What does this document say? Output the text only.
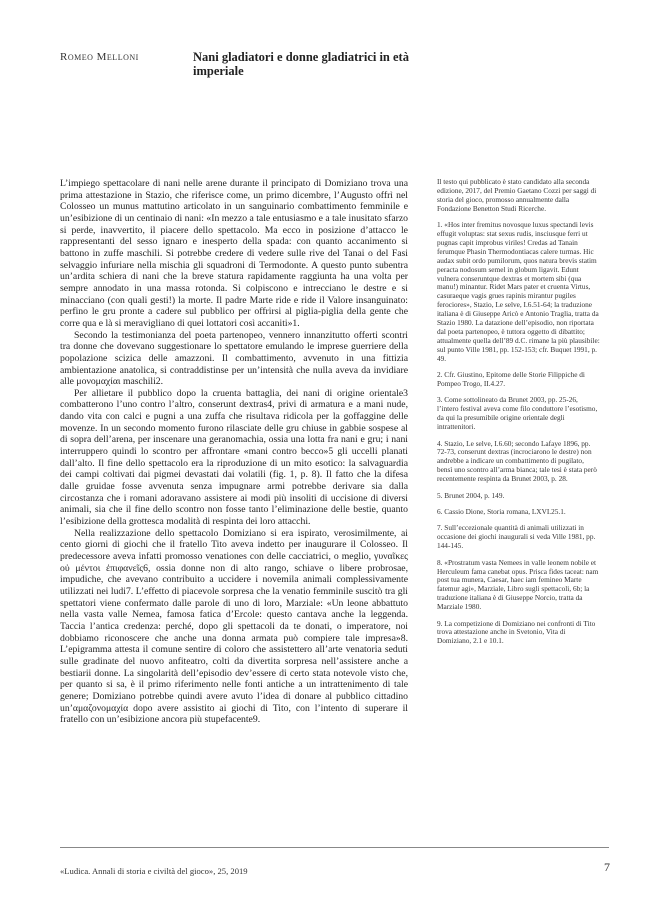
Romeo Melloni	Nani gladiatori e donne gladiatrici in età imperiale

L’impiego spettacolare di nani nelle arene durante il principato di Domiziano trova una prima attestazione in Stazio, che riferisce come, un primo dicembre, l’Augusto offrì nel Colosseo un munus mattutino articolato in un sanguinario combattimento femminile e un’esibizione di un centinaio di nani: «In mezzo a tale entusiasmo e a tale inusitato sfarzo si perde, inavvertito, il piacere dello spettacolo. Ma ecco in posizione d’attacco le rappresentanti del sesso ignaro e inesperto della spada: con quanto accanimento si battono in zuffe maschili. Si potrebbe credere di vedere sulle rive del Tanai o del Fasi selvaggio infuriare nella mischia gli squadroni di Termodonte. A questo punto subentra un’ardita schiera di nani che la breve statura rapidamente raggiunta ha una volta per sempre annodato in una massa rotonda. Si colpiscono e intrecciano le destre e si minacciano (con quali gesti!) la morte. Il padre Marte ride e ride il Valore insanguinato: perfino le gru pronte a cadere sul pubblico per offrirsi al piglia-piglia della gente che corre qua e là si meravigliano di quei lottatori così accaniti»1.

Secondo la testimonianza del poeta partenopeo, vennero innanzitutto offerti scontri tra donne che dovevano suggestionare lo spettatore emulando le imprese guerriere della popolazione scizica delle amazzoni. Il combattimento, avvenuto in una fittizia ambientazione anatolica, si contraddistinse per un’intensità che nulla aveva da invidiare alle μονομαχίαι maschili2.

Per allietare il pubblico dopo la cruenta battaglia, dei nani di origine orientale3 combatterono l’uno contro l’altro, conserunt dextras4, privi di armatura e a mani nude, dando vita con calci e pugni a una zuffa che risultava ridicola per la goffaggine delle movenze. In un secondo momento furono rilasciate delle gru chiuse in gabbie sospese al di sopra dell’arena, per inscenare una geranomachia, ossia una lotta fra nani e gru; i nani interruppero quindi lo scontro per affrontare «mani contro becco»5 gli uccelli planati dall’alto. Il fine dello spettacolo era la riproduzione di un mito esotico: la salvaguardia dei campi coltivati dai pigmei devastati dai volatili (fig. 1, p. 8). Il fatto che la difesa dalle gruidae fosse avvenuta senza impugnare armi potrebbe derivare sia dalla circostanza che i romani adoravano assistere ai modi più insoliti di uccisione di diversi animali, sia che il fine dello scontro non fosse tanto l’eliminazione delle bestie, quanto l’esibizione della grottesca modalità di respinta dei loro attacchi.

Nella realizzazione dello spettacolo Domiziano si era ispirato, verosimilmente, ai cento giorni di giochi che il fratello Tito aveva indetto per inaugurare il Colosseo. Il predecessore aveva infatti promosso venationes con delle cacciatrici, o meglio, γυναῖκες οὐ μέντοι ἐπιφανεῖς6, ossia donne non di alto rango, schiave o libere probrosae, impudiche, che avevano contribuito a uccidere i novemila animali complessivamente utilizzati nei ludi7. L’effetto di piacevole sorpresa che la venatio femminile suscitò tra gli spettatori viene confermato dalle parole di uno di loro, Marziale: «Un leone abbattuto nella vasta valle Nemea, famosa fatica d’Ercole: questo cantava anche la leggenda. Taccia l’antica credenza: perché, dopo gli spettacoli da te donati, o imperatore, noi dobbiamo riconoscere che anche una donna armata può compiere tale impresa»8. L’epigramma attesta il comune sentire di coloro che assistettero all’arte venatoria seduti sulle gradinate del nuovo anfiteatro, colti da divertita sorpresa nell’assistere anche a bestiarii donne. La singolarità dell’episodio dev’essere di certo stata notevole visto che, per quanto si sa, è il primo riferimento nelle fonti antiche a un intrattenimento di tale genere; Domiziano potrebbe quindi avere avuto l’idea di donare al pubblico cittadino un’αμαζονομαχία dopo avere assistito ai giochi di Tito, con l’intento di superare il fratello con un’esibizione ancora più stupefacente9.

Il testo qui pubblicato è stato candidato alla seconda edizione, 2017, del Premio Gaetano Cozzi per saggi di storia del gioco, promosso annualmente dalla Fondazione Benetton Studi Ricerche.

1. «Hos inter fremitus novosque luxus spectandi levis effugit voluptas: stat sexus rudis, insciusque ferri ut pugnas capit improbus viriles! Credas ad Tanain ferumque Phasin Thermodontiacas calere turmas. Hic audax subit ordo pumilorum, quos natura brevis statim peracta nodosum semel in globum ligavit. Edunt vulnera conseruntque dextras et mortem sibi (qua manu!) minantur. Ridet Mars pater et cruenta Virtus, casuraeque vagis grues rapinis mirantur pugiles ferociores», Stazio, Le selve, I.6.51-64; la traduzione italiana è di Giuseppe Aricò e Antonio Traglia, tratta da Stazio 1980. La datazione dell’episodio, non riportata dal poeta partenopeo, è tuttora oggetto di dibattito; attualmente quella dell’89 d.C. rimane la più plausibile: sul punto Ville 1981, pp. 152-153; cfr. Buquet 1991, p. 49.

2. Cfr. Giustino, Epitome delle Storie Filippiche di Pompeo Trogo, II.4.27.

3. Come sottolineato da Brunet 2003, pp. 25-26, l’intero festival aveva come filo conduttore l’esotismo, da qui la presumibile origine orientale degli intrattenitori.

4. Stazio, Le selve, I.6.60; secondo Lafaye 1896, pp. 72-73, conserunt dextras (incrociarono le destre) non andrebbe a indicare un combattimento di pugilato, bensì uno scontro all’arma bianca; tale tesi è stata però recentemente respinta da Brunet 2003, p. 28.

5. Brunet 2004, p. 149.

6. Cassio Dione, Storia romana, LXVI.25.1.

7. Sull’eccezionale quantità di animali utilizzati in occasione dei giochi inaugurali si veda Ville 1981, pp. 144-145.

8. «Prostratum vasta Nemees in valle leonem nobile et Herculeum fama canebat opus. Prisca fides taceat: nam post tua munera, Caesar, haec iam femineo Marte fatemur agi», Marziale, Libro sugli spettacoli, 6b; la traduzione italiana è di Giuseppe Norcio, tratta da Marziale 1980.

9. La competizione di Domiziano nei confronti di Tito trova attestazione anche in Svetonio, Vita di Domiziano, 2.1 e 10.1.

«Ludica. Annali di storia e civiltà del gioco», 25, 2019	7
